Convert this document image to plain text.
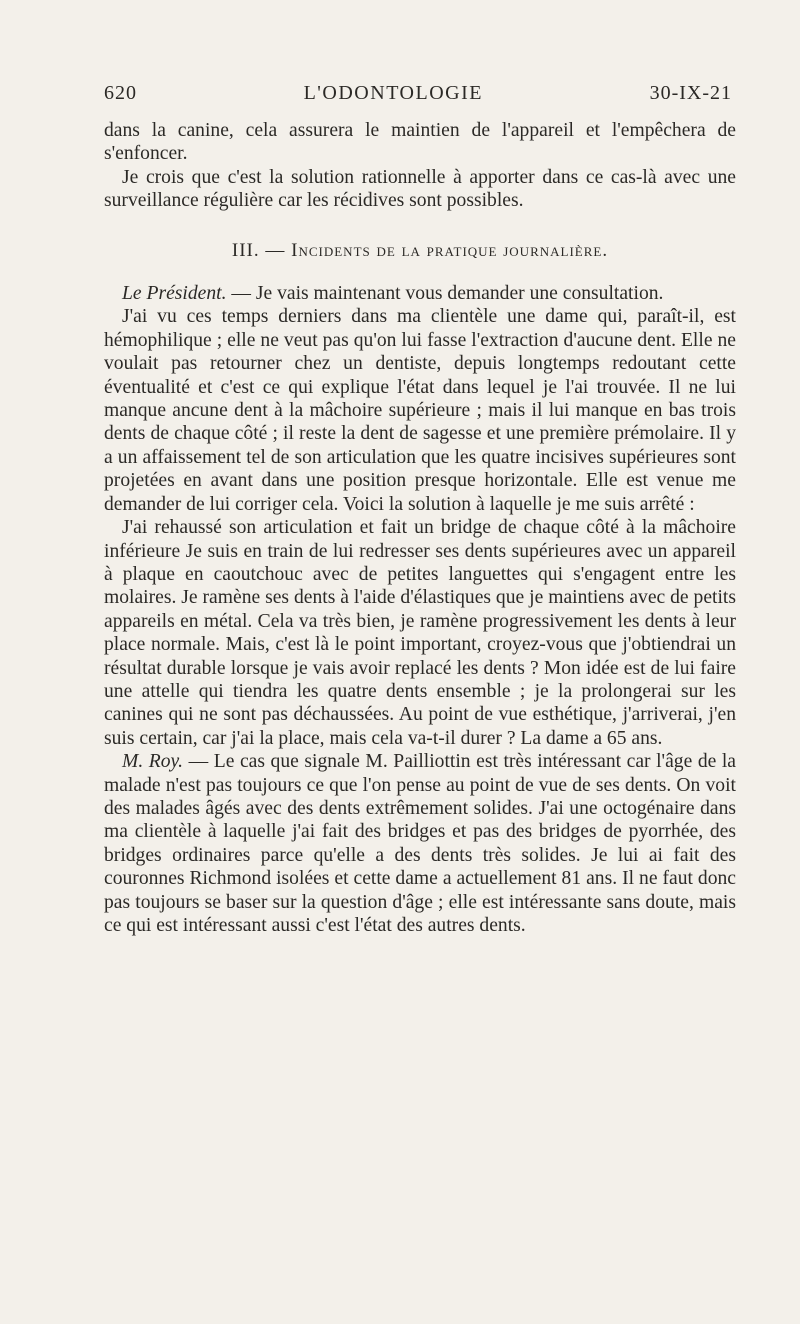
620	L'ODONTOLOGIE	30-IX-21

dans la canine, cela assurera le maintien de l'appareil et l'empêchera de s'enfoncer.

Je crois que c'est la solution rationnelle à apporter dans ce cas-là avec une surveillance régulière car les récidives sont possibles.

III. — Incidents de la pratique journalière.

Le Président. — Je vais maintenant vous demander une consultation.

J'ai vu ces temps derniers dans ma clientèle une dame qui, paraît-il, est hémophilique ; elle ne veut pas qu'on lui fasse l'extraction d'aucune dent. Elle ne voulait pas retourner chez un dentiste, depuis longtemps redoutant cette éventualité et c'est ce qui explique l'état dans lequel je l'ai trouvée. Il ne lui manque ancune dent à la mâchoire supérieure ; mais il lui manque en bas trois dents de chaque côté ; il reste la dent de sagesse et une première prémolaire. Il y a un affaissement tel de son articulation que les quatre incisives supérieures sont projetées en avant dans une position presque horizontale. Elle est venue me demander de lui corriger cela. Voici la solution à laquelle je me suis arrêté :

J'ai rehaussé son articulation et fait un bridge de chaque côté à la mâchoire inférieure Je suis en train de lui redresser ses dents supérieures avec un appareil à plaque en caoutchouc avec de petites languettes qui s'engagent entre les molaires. Je ramène ses dents à l'aide d'élastiques que je maintiens avec de petits appareils en métal. Cela va très bien, je ramène progressivement les dents à leur place normale. Mais, c'est là le point important, croyez-vous que j'obtiendrai un résultat durable lorsque je vais avoir replacé les dents ? Mon idée est de lui faire une attelle qui tiendra les quatre dents ensemble ; je la prolongerai sur les canines qui ne sont pas déchaussées. Au point de vue esthétique, j'arriverai, j'en suis certain, car j'ai la place, mais cela va-t-il durer ? La dame a 65 ans.

M. Roy. — Le cas que signale M. Pailliottin est très intéressant car l'âge de la malade n'est pas toujours ce que l'on pense au point de vue de ses dents. On voit des malades âgés avec des dents extrêmement solides. J'ai une octogénaire dans ma clientèle à laquelle j'ai fait des bridges et pas des bridges de pyorrhée, des bridges ordinaires parce qu'elle a des dents très solides. Je lui ai fait des couronnes Richmond isolées et cette dame a actuellement 81 ans. Il ne faut donc pas toujours se baser sur la question d'âge ; elle est intéressante sans doute, mais ce qui est intéressant aussi c'est l'état des autres dents.
